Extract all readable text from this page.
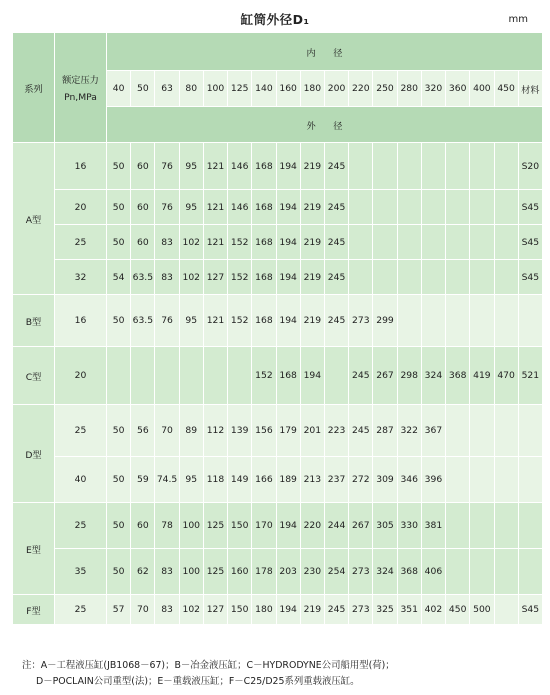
缸筒外径D₁	mm
系列	额定压力
Pn,MPa	内      径																	
		40	50	63	80	100	125	140	160	180	200	220	250	280	320	360	400	450	材料
		外      径																	
A型	16	50	60	76	95	121	146	168	194	219	245								S20
	20	50	60	76	95	121	146	168	194	219	245								S45
	25	50	60	83	102	121	152	168	194	219	245								S45
	32	54	63.5	83	102	127	152	168	194	219	245								S45
B型	16	50	63.5	76	95	121	152	168	194	219	245	273	299						
C型	20							152	168	194		245	267	298	324	368	419	470	521
D型	25	50	56	70	89	112	139	156	179	201	223	245	287	322	367				
	40	50	59	74.5	95	118	149	166	189	213	237	272	309	346	396				
E型	25	50	60	78	100	125	150	170	194	220	244	267	305	330	381				
	35	50	62	83	100	125	160	178	203	230	254	273	324	368	406				
F型	25	57	70	83	102	127	150	180	194	219	245	273	325	351	402	450	500		S45
注：A－工程液压缸(JB1068－67)；B－冶金液压缸；C－HYDRODYNE公司船用型(荷)；
D－POCLAIN公司重型(法)；E－重载液压缸；F－C25/D25系列重载液压缸。
